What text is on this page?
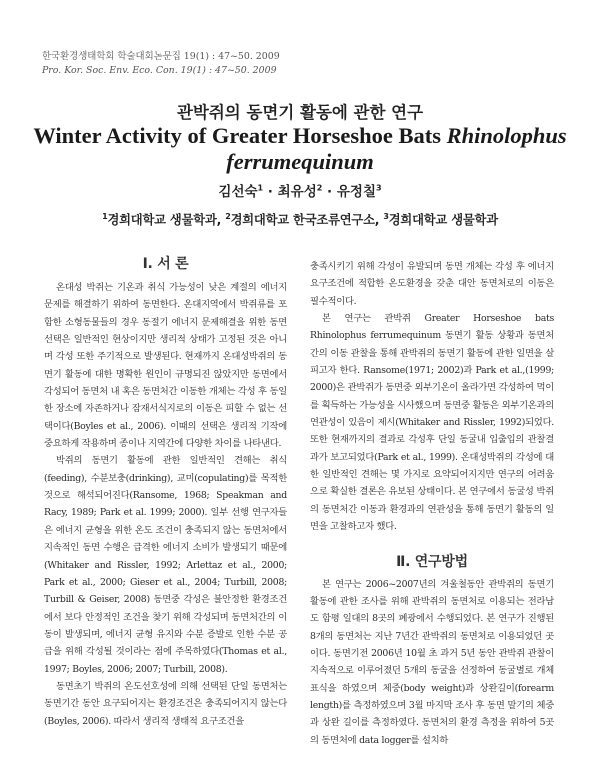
한국환경생태학회 학술대회논문집 19(1) : 47~50. 2009
Pro. Kor. Soc. Env. Eco. Con. 19(1) : 47~50. 2009
관박쥐의 동면기 활동에 관한 연구
Winter Activity of Greater Horseshoe Bats Rhinolophus ferrumequinum
김선숙$^1$ · 최유성$^2$ · 유정칠$^3$
$^1$경희대학교 생물학과, $^2$경희대학교 한국조류연구소, $^3$경희대학교 생물학과
Ⅰ. 서 론

온대성 박쥐는 기온과 취식 가능성이 낮은 계절의 에너지 문제를 해결하기 위하여 동면한다. 온대지역에서 박쥐류를 포함한 소형동물들의 경우 동절기 에너지 문제해결을 위한 동면 선택은 일반적인 현상이지만 생리적 상태가 고정된 것은 아니며 각성 또한 주기적으로 발생된다. 현재까지 온대성박쥐의 동면기 활동에 대한 명확한 원인이 규명되진 않았지만 동면에서 각성되어 동면처 내 혹은 동면처간 이동한 개체는 각성 후 동일한 장소에 자존하거나 잠재서식지로의 이동은 피할 수 없는 선택이다(Boyles et al., 2006). 이때의 선택은 생리적 기작에 중요하게 작용하며 종이나 지역간에 다양한 차이를 나타낸다.

박쥐의 동면기 활동에 관한 일반적인 견해는 취식(feeding), 수분보충(drinking), 교미(copulating)를 목적한 것으로 해석되어진다(Ransome, 1968; Speakman and Racy, 1989; Park et al. 1999; 2000). 일부 선행 연구자들은 에너지 균형을 위한 온도 조건이 충족되지 않는 동면처에서 지속적인 동면 수행은 급격한 에너지 소비가 발생되기 때문에(Whitaker and Rissler, 1992; Arlettaz et al., 2000; Park et al., 2000; Gieser et al., 2004; Turbill, 2008; Turbill & Geiser, 2008) 동면중 각성은 불안정한 환경조건에서 보다 안정적인 조건을 찾기 위해 각성되며 동면처간의 이동이 발생되며, 에너지 균형 유지와 수분 증발로 인한 수분 공급을 위해 각성될 것이라는 점에 주목하였다(Thomas et al., 1997; Boyles, 2006; 2007; Turbill, 2008).

동면초기 박쥐의 온도선호성에 의해 선택된 단일 동면처는 동면기간 동안 요구되어지는 환경조건은 충족되어지지 않는다(Boyles, 2006). 따라서 생리적 생태적 요구조건을

충족시키기 위해 각성이 유발되며 동면 개체는 각성 후 에너지 요구조건에 적합한 온도환경을 갖춘 대안 동면처로의 이동은 필수적이다.

본 연구는 관박쥐 Greater Horseshoe bats Rhinolophus ferrumequinum 동면기 활동 상황과 동면처 간의 이동 관찰을 통해 관박쥐의 동면기 활동에 관한 일면을 살피고자 한다. Ransome(1971; 2002)과 Park et al.,(1999; 2000)은 관박쥐가 동면중 외부기온이 올라가면 각성하여 먹이를 획득하는 가능성을 시사했으며 동면중 활동은 외부기온과의 연관성이 있음이 제시(Whitaker and Rissler, 1992)되었다. 또한 현재까지의 결과로 각성후 단일 동굴내 입출입의 관찰결과가 보고되었다(Park et al., 1999). 온대성박쥐의 각성에 대한 일반적인 견해는 몇 가지로 요약되어지지만 연구의 어려움으로 확실한 결론은 유보된 상태이다. 본 연구에서 동굴성 박쥐의 동면처간 이동과 환경과의 연관성을 통해 동면기 활동의 일면을 고찰하고자 했다.

Ⅱ. 연구방법

본 연구는 2006~2007년의 겨울철동안 관박쥐의 동면기 활동에 관한 조사를 위해 관박쥐의 동면처로 이용되는 전라남도 함평 일대의 8곳의 폐광에서 수행되었다. 본 연구가 진행된 8개의 동면처는 지난 7년간 관박쥐의 동면처로 이용되었던 곳이다. 동면기전 2006년 10월 초 과거 5년 동안 관박쥐 관찰이 지속적으로 이루어졌던 5개의 동굴을 선정하여 동굴별로 개체 표식을 하였으며 체중(body weight)과 상완길이(forearm length)를 측정하였으며 3월 마지막 조사 후 동면 말기의 체중과 상완 길이를 측정하였다. 동면처의 환경 측정을 위하여 5곳의 동면처에 data logger를 설치하
